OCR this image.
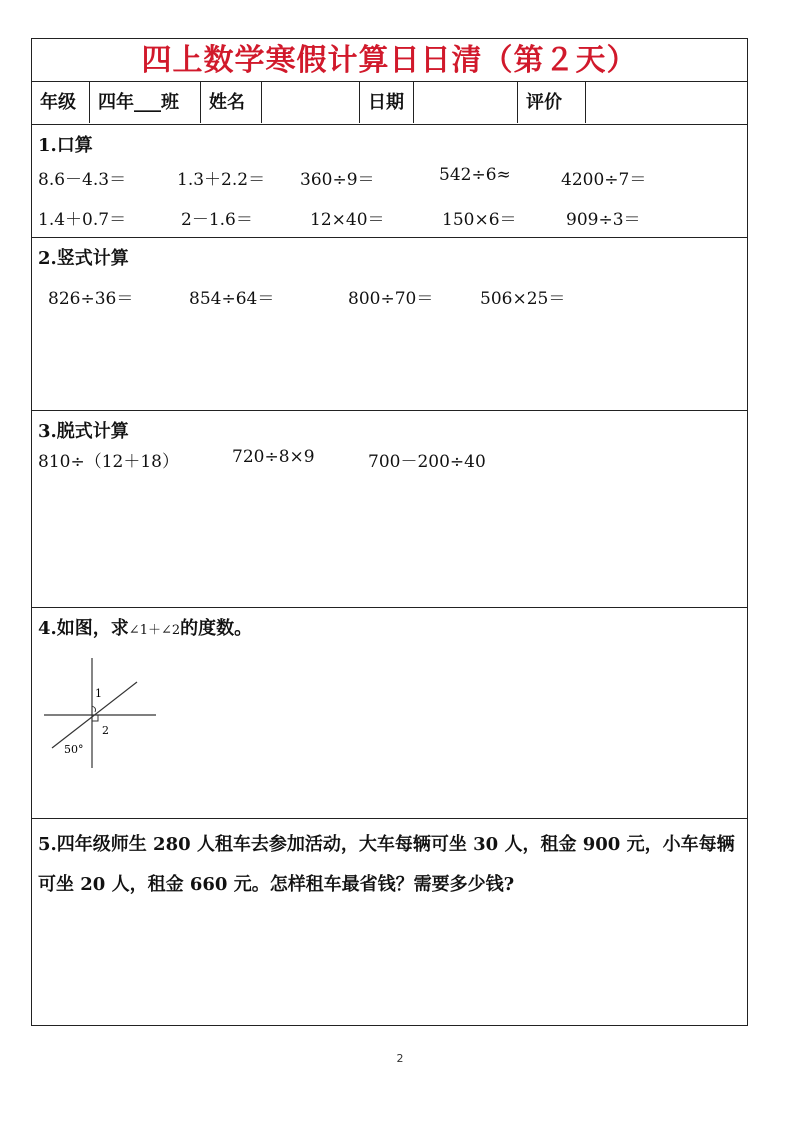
四上数学寒假计算日日清（第２天）
年级	四年___班	姓名	日期	评价
1.口算
8.6－4.3＝	1.3＋2.2＝ 360÷9＝	542÷6≈	4200÷7＝
1.4＋0.7＝	2－1.6＝	12×40＝	150×6＝	909÷3＝
2.竖式计算
826÷36＝	854÷64＝	800÷70＝	506×25＝
3.脱式计算
810÷（12＋18）	720÷8×9	700－200÷40
4.如图，求∠1＋∠2的度数。
1
2
50°
5.四年级师生 280 人租车去参加活动，大车每辆可坐 30 人，租金 900 元，小车每辆可坐 20 人，租金 660 元。怎样租车最省钱？需要多少钱?
2
